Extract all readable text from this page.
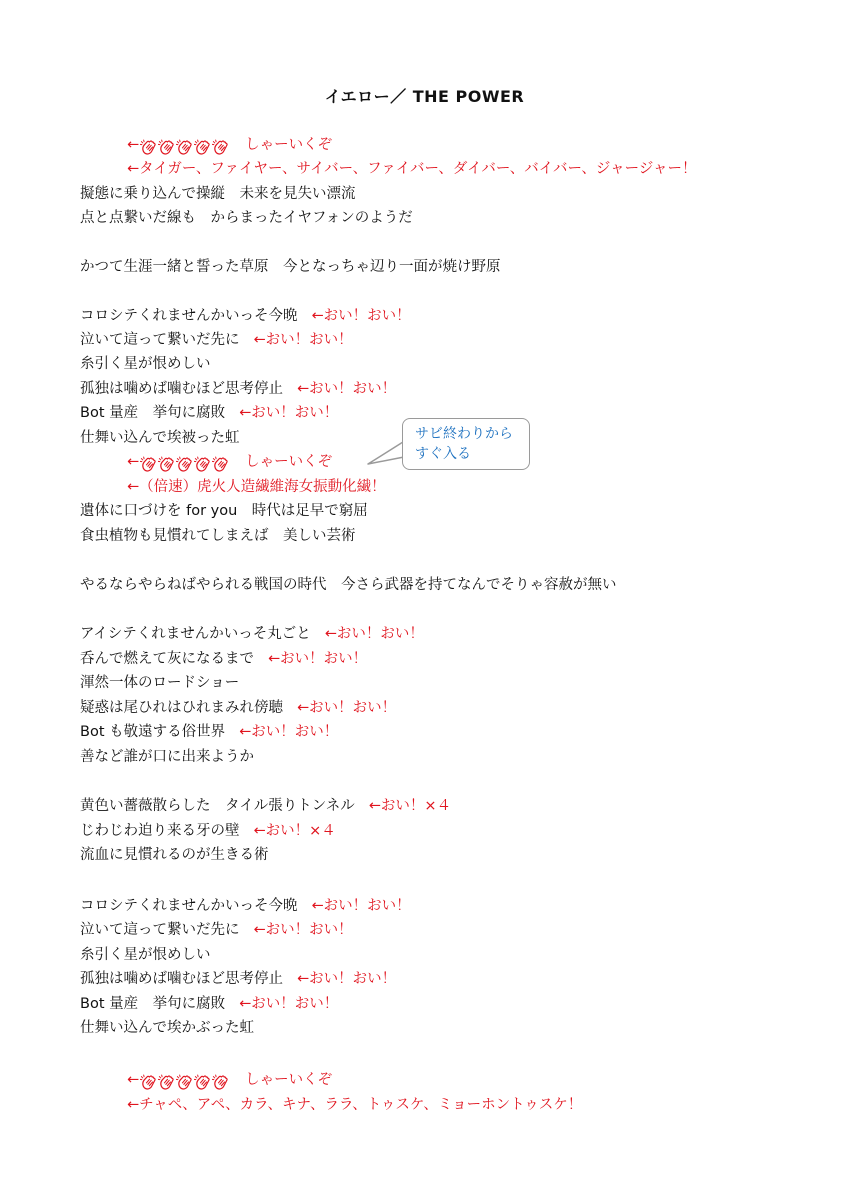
イエロー／ THE POWER
←	しゃーいくぞ
←タイガー、ファイヤー、サイバー、ファイバー、ダイバー、バイバー、ジャージャー！
擬態に乗り込んで操縦　未来を見失い漂流
点と点繋いだ線も　からまったイヤフォンのようだ
かつて生涯一緒と誓った草原　今となっちゃ辺り一面が焼け野原
コロシテくれませんかいっそ今晩 ←おい！おい！
泣いて這って繋いだ先に ←おい！おい！
糸引く星が恨めしい
孤独は噛めば噛むほど思考停止 ←おい！おい！
Bot 量産　挙句に腐敗 ←おい！おい！
仕舞い込んで埃被った虹
←	しゃーいくぞ
←（倍速）虎火人造繊維海女振動化繊！
遺体に口づけを for you　時代は足早で窮屈
食虫植物も見慣れてしまえば　美しい芸術
やるならやらねばやられる戦国の時代　今さら武器を持てなんでそりゃ容赦が無い
アイシテくれませんかいっそ丸ごと ←おい！おい！
呑んで燃えて灰になるまで ←おい！おい！
渾然一体のロードショー
疑惑は尾ひれはひれまみれ傍聴 ←おい！おい！
Bot も敬遠する俗世界 ←おい！おい！
善など誰が口に出来ようか
黄色い薔薇散らした　タイル張りトンネル ←おい！×４
じわじわ迫り来る牙の壁 ←おい！×４
流血に見慣れるのが生きる術
コロシテくれませんかいっそ今晩 ←おい！おい！
泣いて這って繋いだ先に ←おい！おい！
糸引く星が恨めしい
孤独は噛めば噛むほど思考停止 ←おい！おい！
Bot 量産　挙句に腐敗 ←おい！おい！
仕舞い込んで埃かぶった虹
←	しゃーいくぞ
←チャペ、アペ、カラ、キナ、ララ、トゥスケ、ミョーホントゥスケ！
サビ終わりから
すぐ入る
